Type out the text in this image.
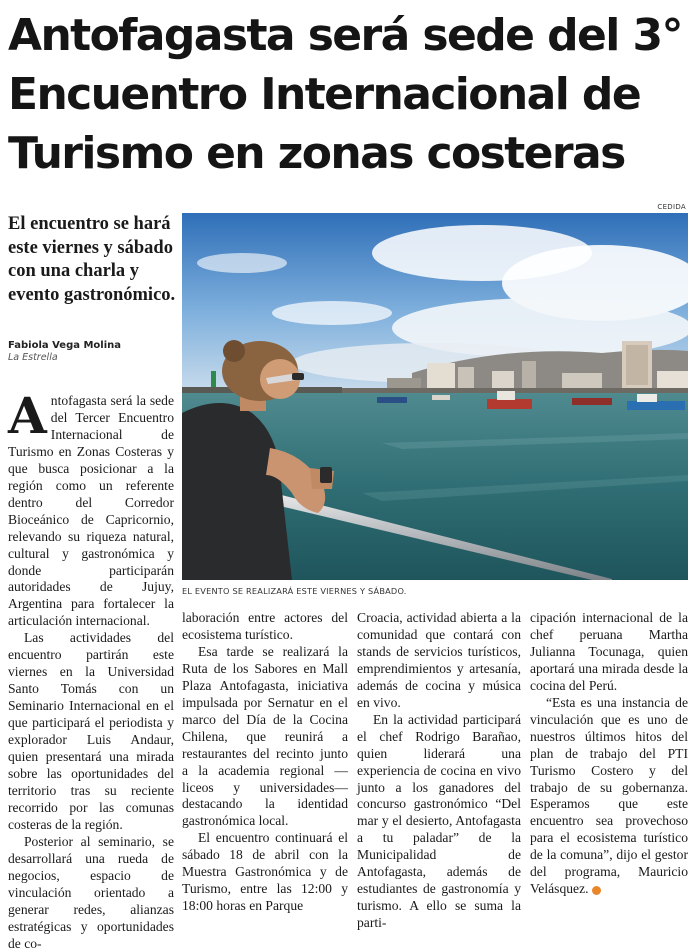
Antofagasta será sede del 3° Encuentro Internacional de Turismo en zonas costeras
CEDIDA
El encuentro se hará este viernes y sábado con una charla y evento gastronómico.
Fabiola Vega Molina
La Estrella
EL EVENTO SE REALIZARÁ ESTE VIERNES Y SÁBADO.

Antofagasta será la sede del Tercer Encuentro Internacional de Turismo en Zonas Costeras y que busca posicionar a la región como un referente dentro del Corredor Bioceánico de Capricornio, relevando su riqueza natural, cultural y gastronómica y donde participarán autoridades de Jujuy, Argentina para fortalecer la articulación internacional.

Las actividades del encuentro partirán este viernes en la Universidad Santo Tomás con un Seminario Internacional en el que participará el periodista y explorador Luis Andaur, quien presentará una mirada sobre las oportunidades del territorio tras su reciente recorrido por las comunas costeras de la región.

Posterior al seminario, se desarrollará una rueda de negocios, espacio de vinculación orientado a generar redes, alianzas estratégicas y oportunidades de co-

laboración entre actores del ecosistema turístico.

Esa tarde se realizará la Ruta de los Sabores en Mall Plaza Antofagasta, iniciativa impulsada por Sernatur en el marco del Día de la Cocina Chilena, que reunirá a restaurantes del recinto junto a la academia regional —liceos y universidades— destacando la identidad gastronómica local.

El encuentro continuará el sábado 18 de abril con la Muestra Gastronómica y de Turismo, entre las 12:00 y 18:00 horas en Parque

Croacia, actividad abierta a la comunidad que contará con stands de servicios turísticos, emprendimientos y artesanía, además de cocina y música en vivo.

En la actividad participará el chef Rodrigo Barañao, quien liderará una experiencia de cocina en vivo junto a los ganadores del concurso gastronómico “Del mar y el desierto, Antofagasta a tu paladar” de la Municipalidad de Antofagasta, además de estudiantes de gastronomía y turismo. A ello se suma la parti-

cipación internacional de la chef peruana Martha Julianna Tocunaga, quien aportará una mirada desde la cocina del Perú.

“Esta es una instancia de vinculación que es uno de nuestros últimos hitos del plan de trabajo del PTI Turismo Costero y del trabajo de su gobernanza. Esperamos que este encuentro sea provechoso para el ecosistema turístico de la comuna”, dijo el gestor del programa, Mauricio Velásquez.	✦
